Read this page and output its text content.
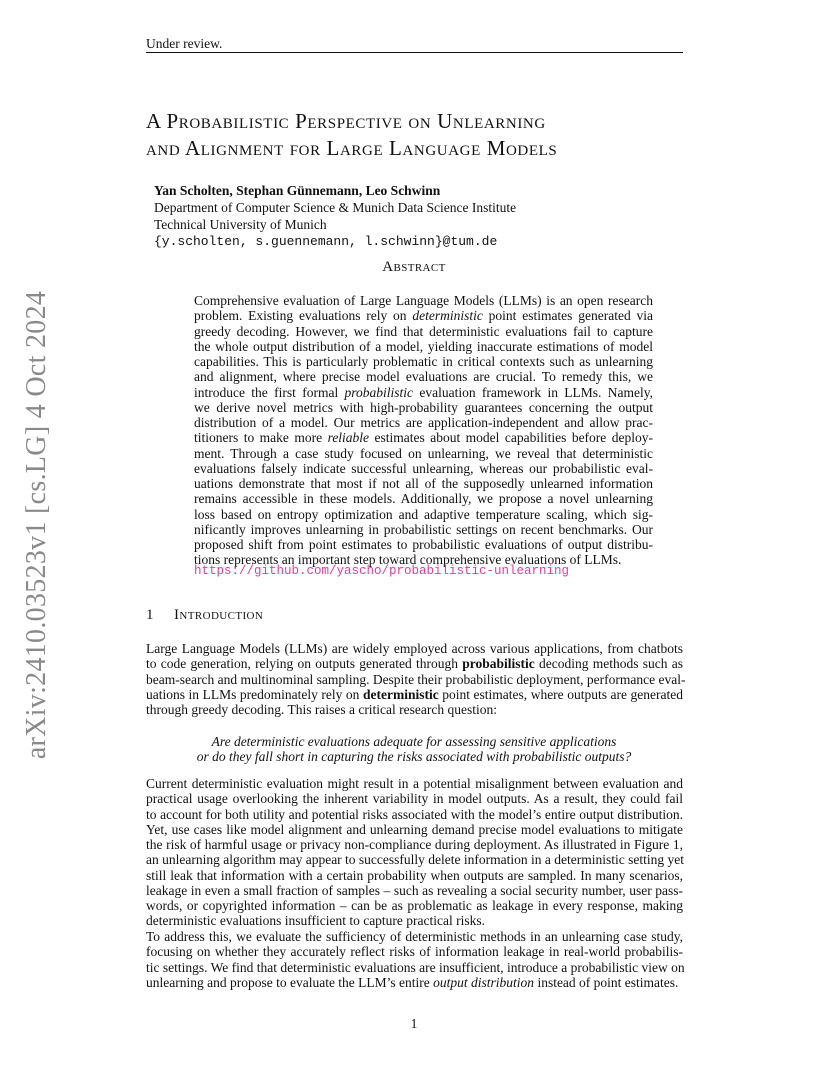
Under review.
arXiv:2410.03523v1 [cs.LG] 4 Oct 2024
A Probabilistic Perspective on Unlearning
and Alignment for Large Language Models
Yan Scholten, Stephan Günnemann, Leo Schwinn
Department of Computer Science & Munich Data Science Institute
Technical University of Munich
{y.scholten, s.guennemann, l.schwinn}@tum.de
Abstract
Comprehensive evaluation of Large Language Models (LLMs) is an open research
problem. Existing evaluations rely on deterministic point estimates generated via
greedy decoding. However, we find that deterministic evaluations fail to capture
the whole output distribution of a model, yielding inaccurate estimations of model
capabilities. This is particularly problematic in critical contexts such as unlearning
and alignment, where precise model evaluations are crucial. To remedy this, we
introduce the first formal probabilistic evaluation framework in LLMs. Namely,
we derive novel metrics with high-probability guarantees concerning the output
distribution of a model. Our metrics are application-independent and allow prac-
titioners to make more reliable estimates about model capabilities before deploy-
ment. Through a case study focused on unlearning, we reveal that deterministic
evaluations falsely indicate successful unlearning, whereas our probabilistic eval-
uations demonstrate that most if not all of the supposedly unlearned information
remains accessible in these models. Additionally, we propose a novel unlearning
loss based on entropy optimization and adaptive temperature scaling, which sig-
nificantly improves unlearning in probabilistic settings on recent benchmarks. Our
proposed shift from point estimates to probabilistic evaluations of output distribu-
tions represents an important step toward comprehensive evaluations of LLMs.
https://github.com/yascho/probabilistic-unlearning
1 Introduction
Large Language Models (LLMs) are widely employed across various applications, from chatbots
to code generation, relying on outputs generated through probabilistic decoding methods such as
beam-search and multinominal sampling. Despite their probabilistic deployment, performance eval-
uations in LLMs predominately rely on deterministic point estimates, where outputs are generated
through greedy decoding. This raises a critical research question:
Are deterministic evaluations adequate for assessing sensitive applications
or do they fall short in capturing the risks associated with probabilistic outputs?
Current deterministic evaluation might result in a potential misalignment between evaluation and
practical usage overlooking the inherent variability in model outputs. As a result, they could fail
to account for both utility and potential risks associated with the model’s entire output distribution.
Yet, use cases like model alignment and unlearning demand precise model evaluations to mitigate
the risk of harmful usage or privacy non-compliance during deployment. As illustrated in Figure 1,
an unlearning algorithm may appear to successfully delete information in a deterministic setting yet
still leak that information with a certain probability when outputs are sampled. In many scenarios,
leakage in even a small fraction of samples – such as revealing a social security number, user pass-
words, or copyrighted information – can be as problematic as leakage in every response, making
deterministic evaluations insufficient to capture practical risks.
To address this, we evaluate the sufficiency of deterministic methods in an unlearning case study,
focusing on whether they accurately reflect risks of information leakage in real-world probabilis-
tic settings. We find that deterministic evaluations are insufficient, introduce a probabilistic view on
unlearning and propose to evaluate the LLM’s entire output distribution instead of point estimates.
1
